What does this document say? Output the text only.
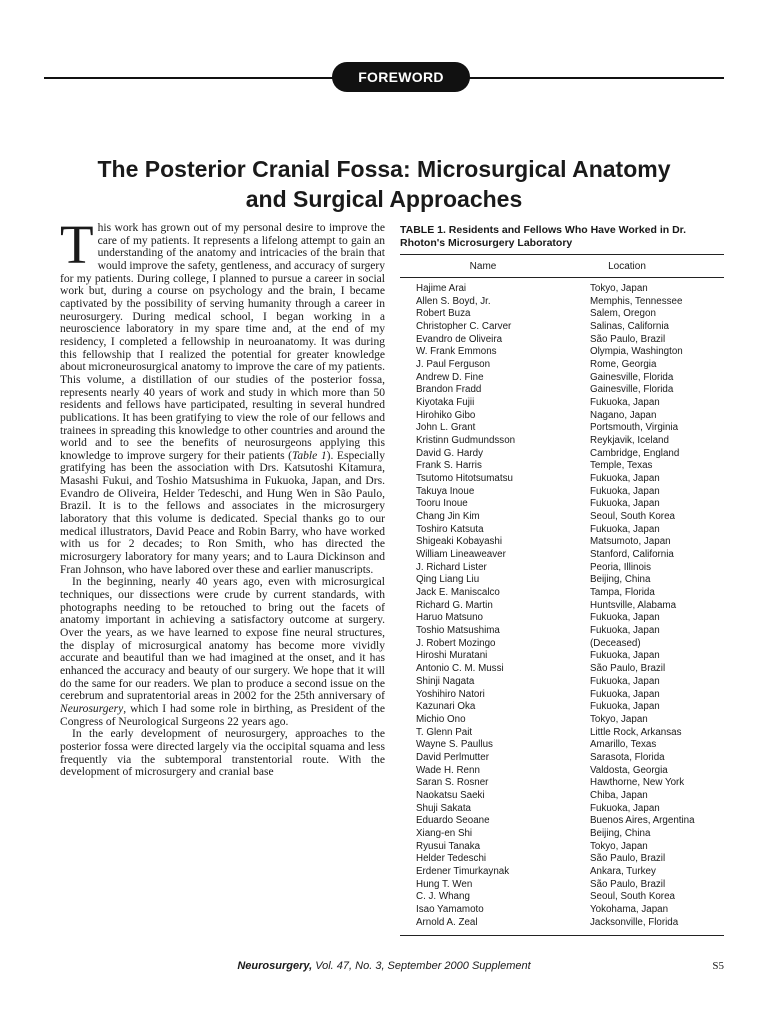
FOREWORD
The Posterior Cranial Fossa: Microsurgical Anatomy
and Surgical Approaches

This work has grown out of my personal desire to improve the care of my patients. It represents a lifelong attempt to gain an understanding of the anatomy and intricacies of the brain that would improve the safety, gentleness, and accuracy of surgery for my patients. During college, I planned to pursue a career in social work but, during a course on psychology and the brain, I became captivated by the possibility of serving humanity through a career in neurosurgery. During medical school, I began working in a neuroscience laboratory in my spare time and, at the end of my residency, I completed a fellowship in neuroanatomy. It was during this fellowship that I realized the potential for greater knowledge about microneurosurgical anatomy to improve the care of my patients. This volume, a distillation of our studies of the posterior fossa, represents nearly 40 years of work and study in which more than 50 residents and fellows have participated, resulting in several hundred publications. It has been gratifying to view the role of our fellows and trainees in spreading this knowledge to other countries and around the world and to see the benefits of neurosurgeons applying this knowledge to improve surgery for their patients (Table 1). Especially gratifying has been the association with Drs. Katsutoshi Kitamura, Masashi Fukui, and Toshio Matsushima in Fukuoka, Japan, and Drs. Evandro de Oliveira, Helder Tedeschi, and Hung Wen in São Paulo, Brazil. It is to the fellows and associates in the microsurgery laboratory that this volume is dedicated. Special thanks go to our medical illustrators, David Peace and Robin Barry, who have worked with us for 2 decades; to Ron Smith, who has directed the microsurgery laboratory for many years; and to Laura Dickinson and Fran Johnson, who have labored over these and earlier manuscripts.

In the beginning, nearly 40 years ago, even with microsurgical techniques, our dissections were crude by current standards, with photographs needing to be retouched to bring out the facets of anatomy important in achieving a satisfactory outcome at surgery. Over the years, as we have learned to expose fine neural structures, the display of microsurgical anatomy has become more vividly accurate and beautiful than we had imagined at the onset, and it has enhanced the accuracy and beauty of our surgery. We hope that it will do the same for our readers. We plan to produce a second issue on the cerebrum and supratentorial areas in 2002 for the 25th anniversary of Neurosurgery, which I had some role in birthing, as President of the Congress of Neurological Surgeons 22 years ago.

In the early development of neurosurgery, approaches to the posterior fossa were directed largely via the occipital squama and less frequently via the subtemporal transtentorial route. With the development of microsurgery and cranial base

TABLE 1. Residents and Fellows Who Have Worked in Dr. Rhoton's Microsurgery Laboratory

Name	Location
Hajime Arai	Tokyo, Japan
Allen S. Boyd, Jr.	Memphis, Tennessee
Robert Buza	Salem, Oregon
Christopher C. Carver	Salinas, California
Evandro de Oliveira	São Paulo, Brazil
W. Frank Emmons	Olympia, Washington
J. Paul Ferguson	Rome, Georgia
Andrew D. Fine	Gainesville, Florida
Brandon Fradd	Gainesville, Florida
Kiyotaka Fujii	Fukuoka, Japan
Hirohiko Gibo	Nagano, Japan
John L. Grant	Portsmouth, Virginia
Kristinn Gudmundsson	Reykjavik, Iceland
David G. Hardy	Cambridge, England
Frank S. Harris	Temple, Texas
Tsutomo Hitotsumatsu	Fukuoka, Japan
Takuya Inoue	Fukuoka, Japan
Tooru Inoue	Fukuoka, Japan
Chang Jin Kim	Seoul, South Korea
Toshiro Katsuta	Fukuoka, Japan
Shigeaki Kobayashi	Matsumoto, Japan
William Lineaweaver	Stanford, California
J. Richard Lister	Peoria, Illinois
Qing Liang Liu	Beijing, China
Jack E. Maniscalco	Tampa, Florida
Richard G. Martin	Huntsville, Alabama
Haruo Matsuno	Fukuoka, Japan
Toshio Matsushima	Fukuoka, Japan
J. Robert Mozingo	(Deceased)
Hiroshi Muratani	Fukuoka, Japan
Antonio C. M. Mussi	São Paulo, Brazil
Shinji Nagata	Fukuoka, Japan
Yoshihiro Natori	Fukuoka, Japan
Kazunari Oka	Fukuoka, Japan
Michio Ono	Tokyo, Japan
T. Glenn Pait	Little Rock, Arkansas
Wayne S. Paullus	Amarillo, Texas
David Perlmutter	Sarasota, Florida
Wade H. Renn	Valdosta, Georgia
Saran S. Rosner	Hawthorne, New York
Naokatsu Saeki	Chiba, Japan
Shuji Sakata	Fukuoka, Japan
Eduardo Seoane	Buenos Aires, Argentina
Xiang-en Shi	Beijing, China
Ryusui Tanaka	Tokyo, Japan
Helder Tedeschi	São Paulo, Brazil
Erdener Timurkaynak	Ankara, Turkey
Hung T. Wen	São Paulo, Brazil
C. J. Whang	Seoul, South Korea
Isao Yamamoto	Yokohama, Japan
Arnold A. Zeal	Jacksonville, Florida
Neurosurgery, Vol. 47, No. 3, September 2000 Supplement	S5
